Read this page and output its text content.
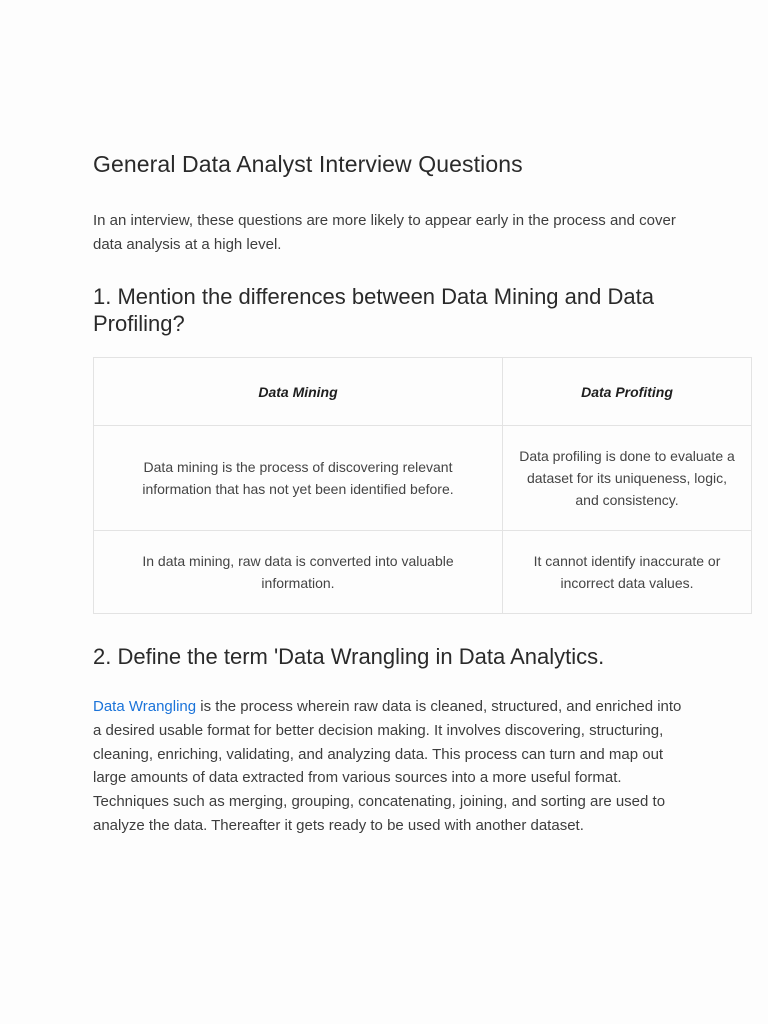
General Data Analyst Interview Questions

In an interview, these questions are more likely to appear early in the process and cover data analysis at a high level.

1. Mention the differences between Data Mining and Data Profiling?
Data Mining	Data Profiting
Data mining is the process of discovering relevant information that has not yet been identified before.	Data profiling is done to evaluate a dataset for its uniqueness, logic, and consistency.
In data mining, raw data is converted into valuable information.	It cannot identify inaccurate or incorrect data values.
2. Define the term 'Data Wrangling in Data Analytics.

Data Wrangling is the process wherein raw data is cleaned, structured, and enriched into a desired usable format for better decision making. It involves discovering, structuring, cleaning, enriching, validating, and analyzing data. This process can turn and map out large amounts of data extracted from various sources into a more useful format. Techniques such as merging, grouping, concatenating, joining, and sorting are used to analyze the data. Thereafter it gets ready to be used with another dataset.
